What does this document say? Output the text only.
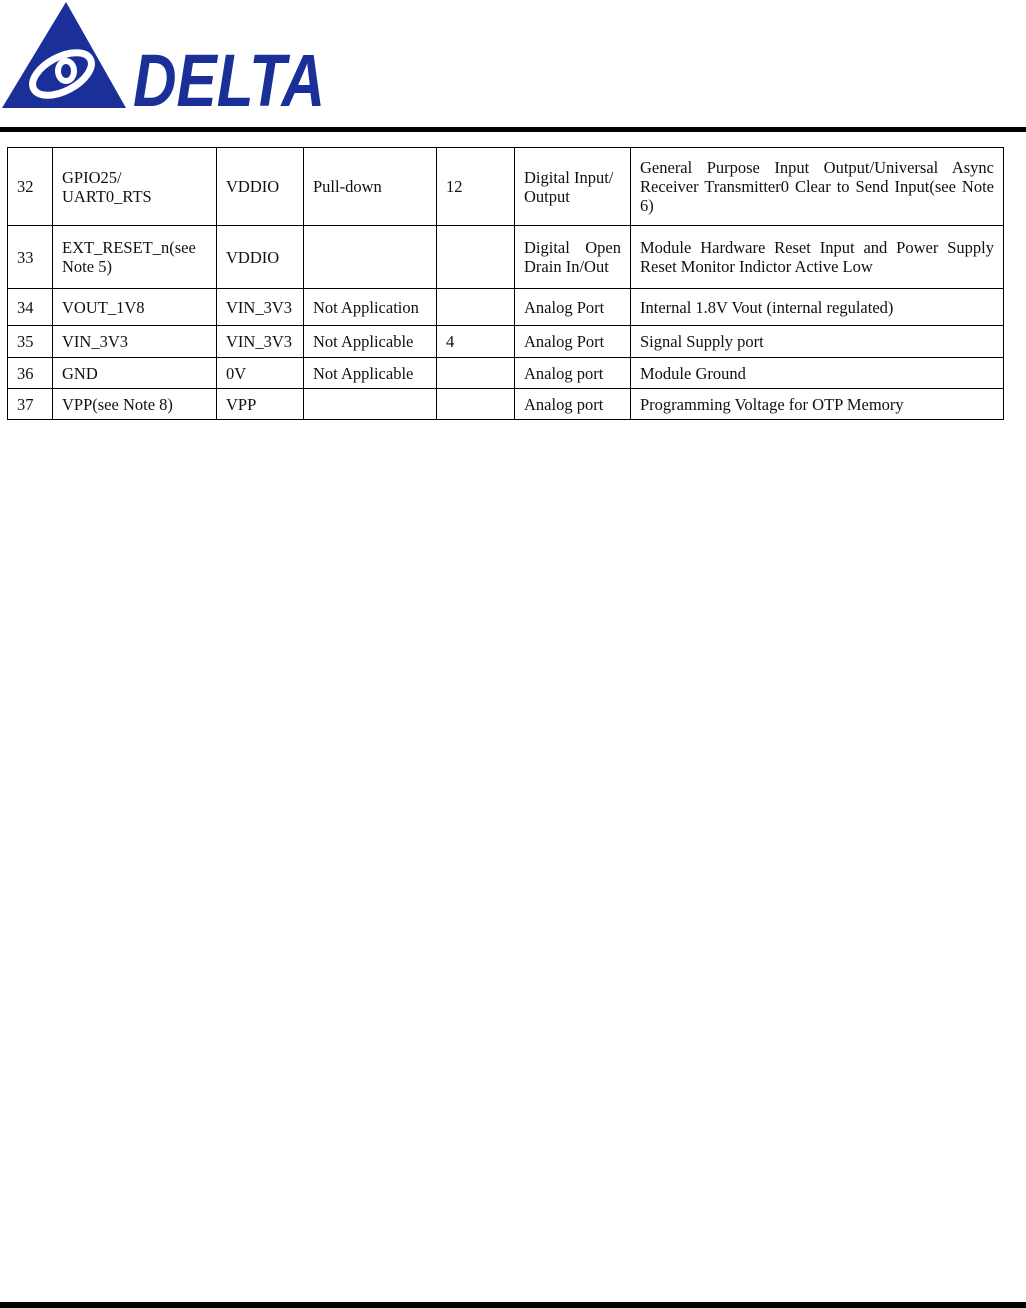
DELTA
32	GPIO25/ UART0_RTS	VDDIO	Pull-down	12	Digital Input/ Output	General Purpose Input Output/Universal Async Receiver Transmitter0 Clear to Send Input(see Note 6)
33	EXT_RESET_n(see Note 5)	VDDIO			Digital Open Drain In/Out	Module Hardware Reset Input and Power Supply Reset Monitor Indictor Active Low
34	VOUT_1V8	VIN_3V3	Not Application		Analog Port	Internal 1.8V Vout (internal regulated)
35	VIN_3V3	VIN_3V3	Not Applicable	4	Analog Port	Signal Supply port
36	GND	0V	Not Applicable		Analog port	Module Ground
37	VPP(see Note 8)	VPP			Analog port	Programming Voltage for OTP Memory
